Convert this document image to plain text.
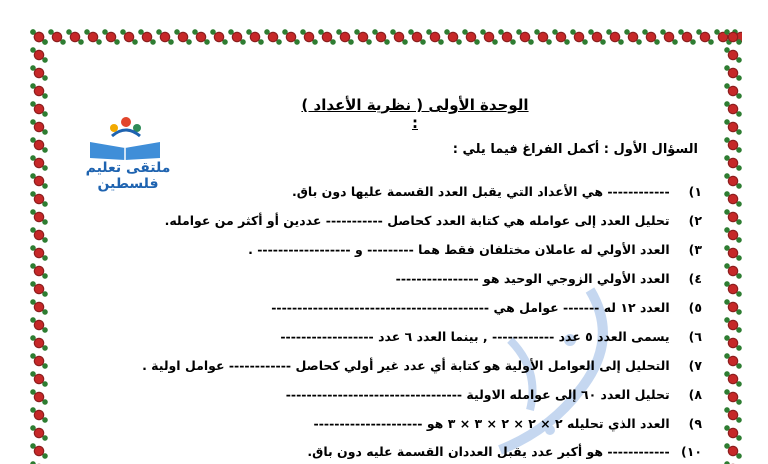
ملتقى تعليم فلسطين
الوحدة الأولى ( نظرية الأعداد ) :
السؤال الأول : أكمل الفراغ فيما يلي :
١) ------------ هي الأعداد التي يقبل العدد القسمة عليها دون باق.
٢) تحليل العدد إلى عوامله هي كتابة العدد كحاصل ----------- عددين أو أكثر من عوامله.
٣) العدد الأولي له عاملان مختلفان فقط هما --------- و ------------------ .
٤) العدد الأولي الزوجي الوحيد هو ----------------
٥) العدد ١٢ له ------- عوامل هي ------------------------------------------
٦) يسمى العدد ٥ عدد ------------ , بينما العدد ٦ عدد ------------------
٧) التحليل إلى العوامل الأولية هو كتابة أي عدد غير أولي كحاصل ------------ عوامل اولية .
٨) تحليل العدد ٦٠ إلى عوامله الاولية ----------------------------------
٩) العدد الذي تحليله ٢ × ٢ × ٢ × ٣ × ٣ هو ---------------------
١٠) ------------ هو أكبر عدد يقبل العددان القسمة عليه دون باق.
